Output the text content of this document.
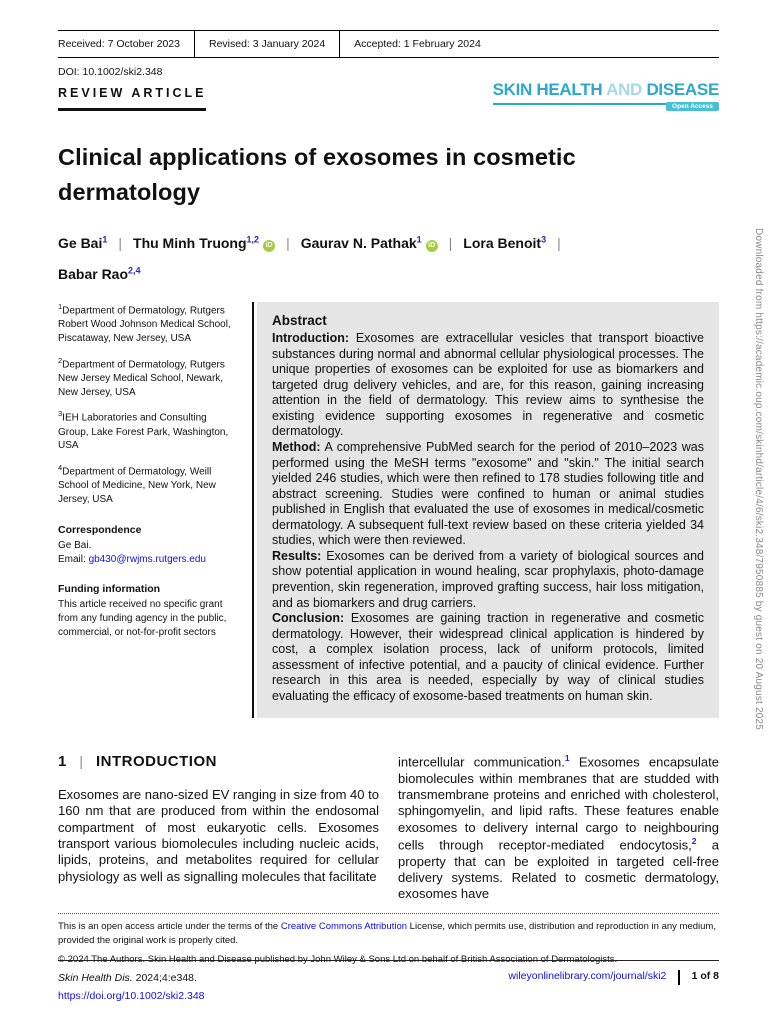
Received: 7 October 2023	Revised: 3 January 2024	Accepted: 1 February 2024
DOI: 10.1002/ski2.348
REVIEW ARTICLE	SKIN HEALTH AND DISEASE
Open Access
Clinical applications of exosomes in cosmetic dermatology
Ge Bai$^1$ | Thu Minh Truong$^{1,2}$iD | Gaurav N. Pathak$^1$iD | Lora Benoit$^3$ |
Babar Rao$^{2,4}$
$^1$Department of Dermatology, Rutgers Robert Wood Johnson Medical School, Piscataway, New Jersey, USA
$^2$Department of Dermatology, Rutgers New Jersey Medical School, Newark, New Jersey, USA
$^3$IEH Laboratories and Consulting Group, Lake Forest Park, Washington, USA
$^4$Department of Dermatology, Weill School of Medicine, New York, New Jersey, USA
Correspondence
Ge Bai.
Email: gb430@rwjms.rutgers.edu
Funding information
This article received no specific grant from any funding agency in the public, commercial, or not-for-profit sectors
Abstract

Introduction: Exosomes are extracellular vesicles that transport bioactive substances during normal and abnormal cellular physiological processes. The unique properties of exosomes can be exploited for use as biomarkers and targeted drug delivery vehicles, and are, for this reason, gaining increasing attention in the field of dermatology. This review aims to synthesise the existing evidence supporting exosomes in regenerative and cosmetic dermatology.

Method: A comprehensive PubMed search for the period of 2010–2023 was performed using the MeSH terms "exosome" and "skin." The initial search yielded 246 studies, which were then refined to 178 studies following title and abstract screening. Studies were confined to human or animal studies published in English that evaluated the use of exosomes in medical/cosmetic dermatology. A subsequent full-text review based on these criteria yielded 34 studies, which were then reviewed.

Results: Exosomes can be derived from a variety of biological sources and show potential application in wound healing, scar prophylaxis, photo-damage prevention, skin regeneration, improved grafting success, hair loss mitigation, and as biomarkers and drug carriers.

Conclusion: Exosomes are gaining traction in regenerative and cosmetic dermatology. However, their widespread clinical application is hindered by cost, a complex isolation process, lack of uniform protocols, limited assessment of infective potential, and a paucity of clinical evidence. Further research in this area is needed, especially by way of clinical studies evaluating the efficacy of exosome-based treatments on human skin.

1 | INTRODUCTION

Exosomes are nano-sized EV ranging in size from 40 to 160 nm that are produced from within the endosomal compartment of most eukaryotic cells. Exosomes transport various biomolecules including nucleic acids, lipids, proteins, and metabolites required for cellular physiology as well as signalling molecules that facilitate

intercellular communication.$^1$ Exosomes encapsulate biomolecules within membranes that are studded with transmembrane proteins and enriched with cholesterol, sphingomyelin, and lipid rafts. These features enable exosomes to delivery internal cargo to neighbouring cells through receptor-mediated endocytosis,$^2$ a property that can be exploited in targeted cell-free delivery systems. Related to cosmetic dermatology, exosomes have

This is an open access article under the terms of the Creative Commons Attribution License, which permits use, distribution and reproduction in any medium, provided the original work is properly cited.
© 2024 The Authors. Skin Health and Disease published by John Wiley & Sons Ltd on behalf of British Association of Dermatologists.
Skin Health Dis. 2024;4:e348.
https://doi.org/10.1002/ski2.348
wileyonlinelibrary.com/journal/ski2 1 of 8
Downloaded from https://academic.oup.com/skinhd/article/4/6/ski2.348/7950885 by guest on 20 August 2025
